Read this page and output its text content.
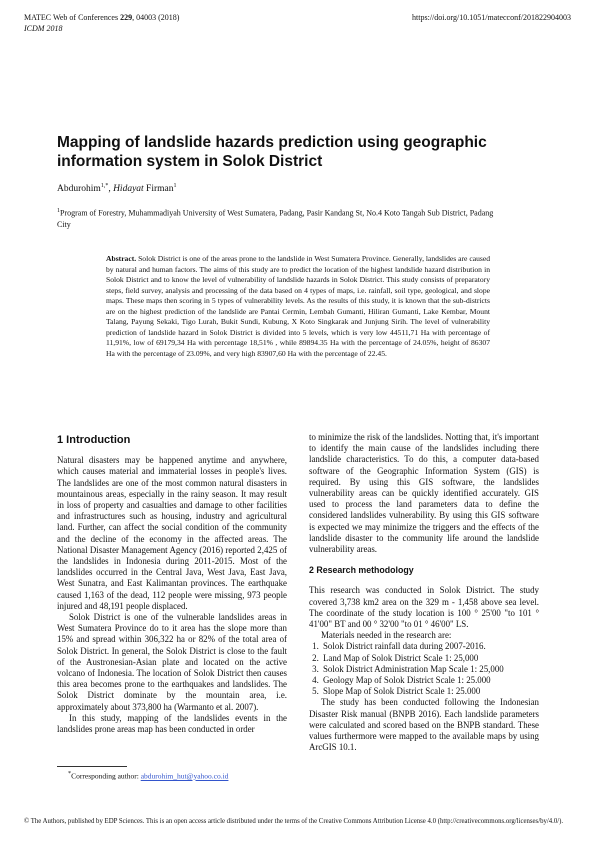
MATEC Web of Conferences 229, 04003 (2018)	https://doi.org/10.1051/matecconf/201822904003
ICDM 2018
Mapping of landslide hazards prediction using geographic information system in Solok District
Abdurohim$^{1,*}$, Hidayat Firman$^1$
$^1$Program of Forestry, Muhammadiyah University of West Sumatera, Padang, Pasir Kandang St, No.4 Koto Tangah Sub District, Padang City
Abstract. Solok District is one of the areas prone to the landslide in West Sumatera Province. Generally, landslides are caused by natural and human factors. The aims of this study are to predict the location of the highest landslide hazard distribution in Solok District and to know the level of vulnerability of landslide hazards in Solok District. This study consists of preparatory steps, field survey, analysis and processing of the data based on 4 types of maps, i.e. rainfall, soil type, geological, and slope maps. These maps then scoring in 5 types of vulnerability levels. As the results of this study, it is known that the sub-districts are on the highest prediction of the landslide are Pantai Cermin, Lembah Gumanti, Hiliran Gumanti, Lake Kembar, Mount Talang, Payung Sekaki, Tigo Lurah, Bukit Sundi, Kubung, X Koto Singkarak and Junjung Sirih. The level of vulnerability prediction of landslide hazard in Solok District is divided into 5 levels, which is very low 44511,71 Ha with percentage of 11,91%, low of 69179,34 Ha with percentage 18,51% , while 89894.35 Ha with the percentage of 24.05%, height of 86307 Ha with the percentage of 23.09%, and very high 83907,60 Ha with the percentage of 22.45.
1 Introduction

Natural disasters may be happened anytime and anywhere, which causes material and immaterial losses in people's lives. The landslides are one of the most common natural disasters in mountainous areas, especially in the rainy season. It may result in loss of property and casualties and damage to other facilities and infrastructures such as housing, industry and agricultural land. Further, can affect the social condition of the community and the decline of the economy in the affected areas. The National Disaster Management Agency (2016) reported 2,425 of the landslides in Indonesia during 2011-2015. Most of the landslides occurred in the Central Java, West Java, East Java, West Sunatra, and East Kalimantan provinces. The earthquake caused 1,163 of the dead, 112 people were missing, 973 people injured and 48,191 people displaced.

Solok District is one of the vulnerable landslides areas in West Sumatera Province do to it area has the slope more than 15% and spread within 306,322 ha or 82% of the total area of Solok District. In general, the Solok District is close to the fault of the Austronesian-Asian plate and located on the active volcano of Indonesia. The location of Solok District then causes this area becomes prone to the earthquakes and landslides. The Solok District dominate by the mountain area, i.e. approximately about 373,800 ha (Warmanto et al. 2007).

In this study, mapping of the landslides events in the landslides prone areas map has been conducted in order

to minimize the risk of the landslides. Notting that, it's important to identify the main cause of the landslides including there landslide characteristics. To do this, a computer data-based software of the Geographic Information System (GIS) is required. By using this GIS software, the landslides vulnerability areas can be quickly identified accurately. GIS used to process the land parameters data to define the considered landslides vulnerability. By using this GIS software is expected we may minimize the triggers and the effects of the landslide disaster to the community life around the landslide vulnerability areas.

2 Research methodology

This research was conducted in Solok District. The study covered 3,738 km2 area on the 329 m - 1,458 above sea level. The coordinate of the study location is 100 ° 25'00 "to 101 ° 41'00" BT and 00 ° 32'00 "to 01 ° 46'00" LS.

Materials needed in the research are:

1. Solok District rainfall data during 2007-2016.
2. Land Map of Solok District Scale 1: 25,000
3. Solok District Administration Map Scale 1: 25,000
4. Geology Map of Solok District Scale 1: 25.000
5. Slope Map of Solok District Scale 1: 25.000

The study has been conducted following the Indonesian Disaster Risk manual (BNPB 2016). Each landslide parameters were calculated and scored based on the BNPB standard. These values furthermore were mapped to the available maps by using ArcGIS 10.1.

*Corresponding author: abdurohim_hut@yahoo.co.id
© The Authors, published by EDP Sciences. This is an open access article distributed under the terms of the Creative Commons Attribution License 4.0 (http://creativecommons.org/licenses/by/4.0/).
